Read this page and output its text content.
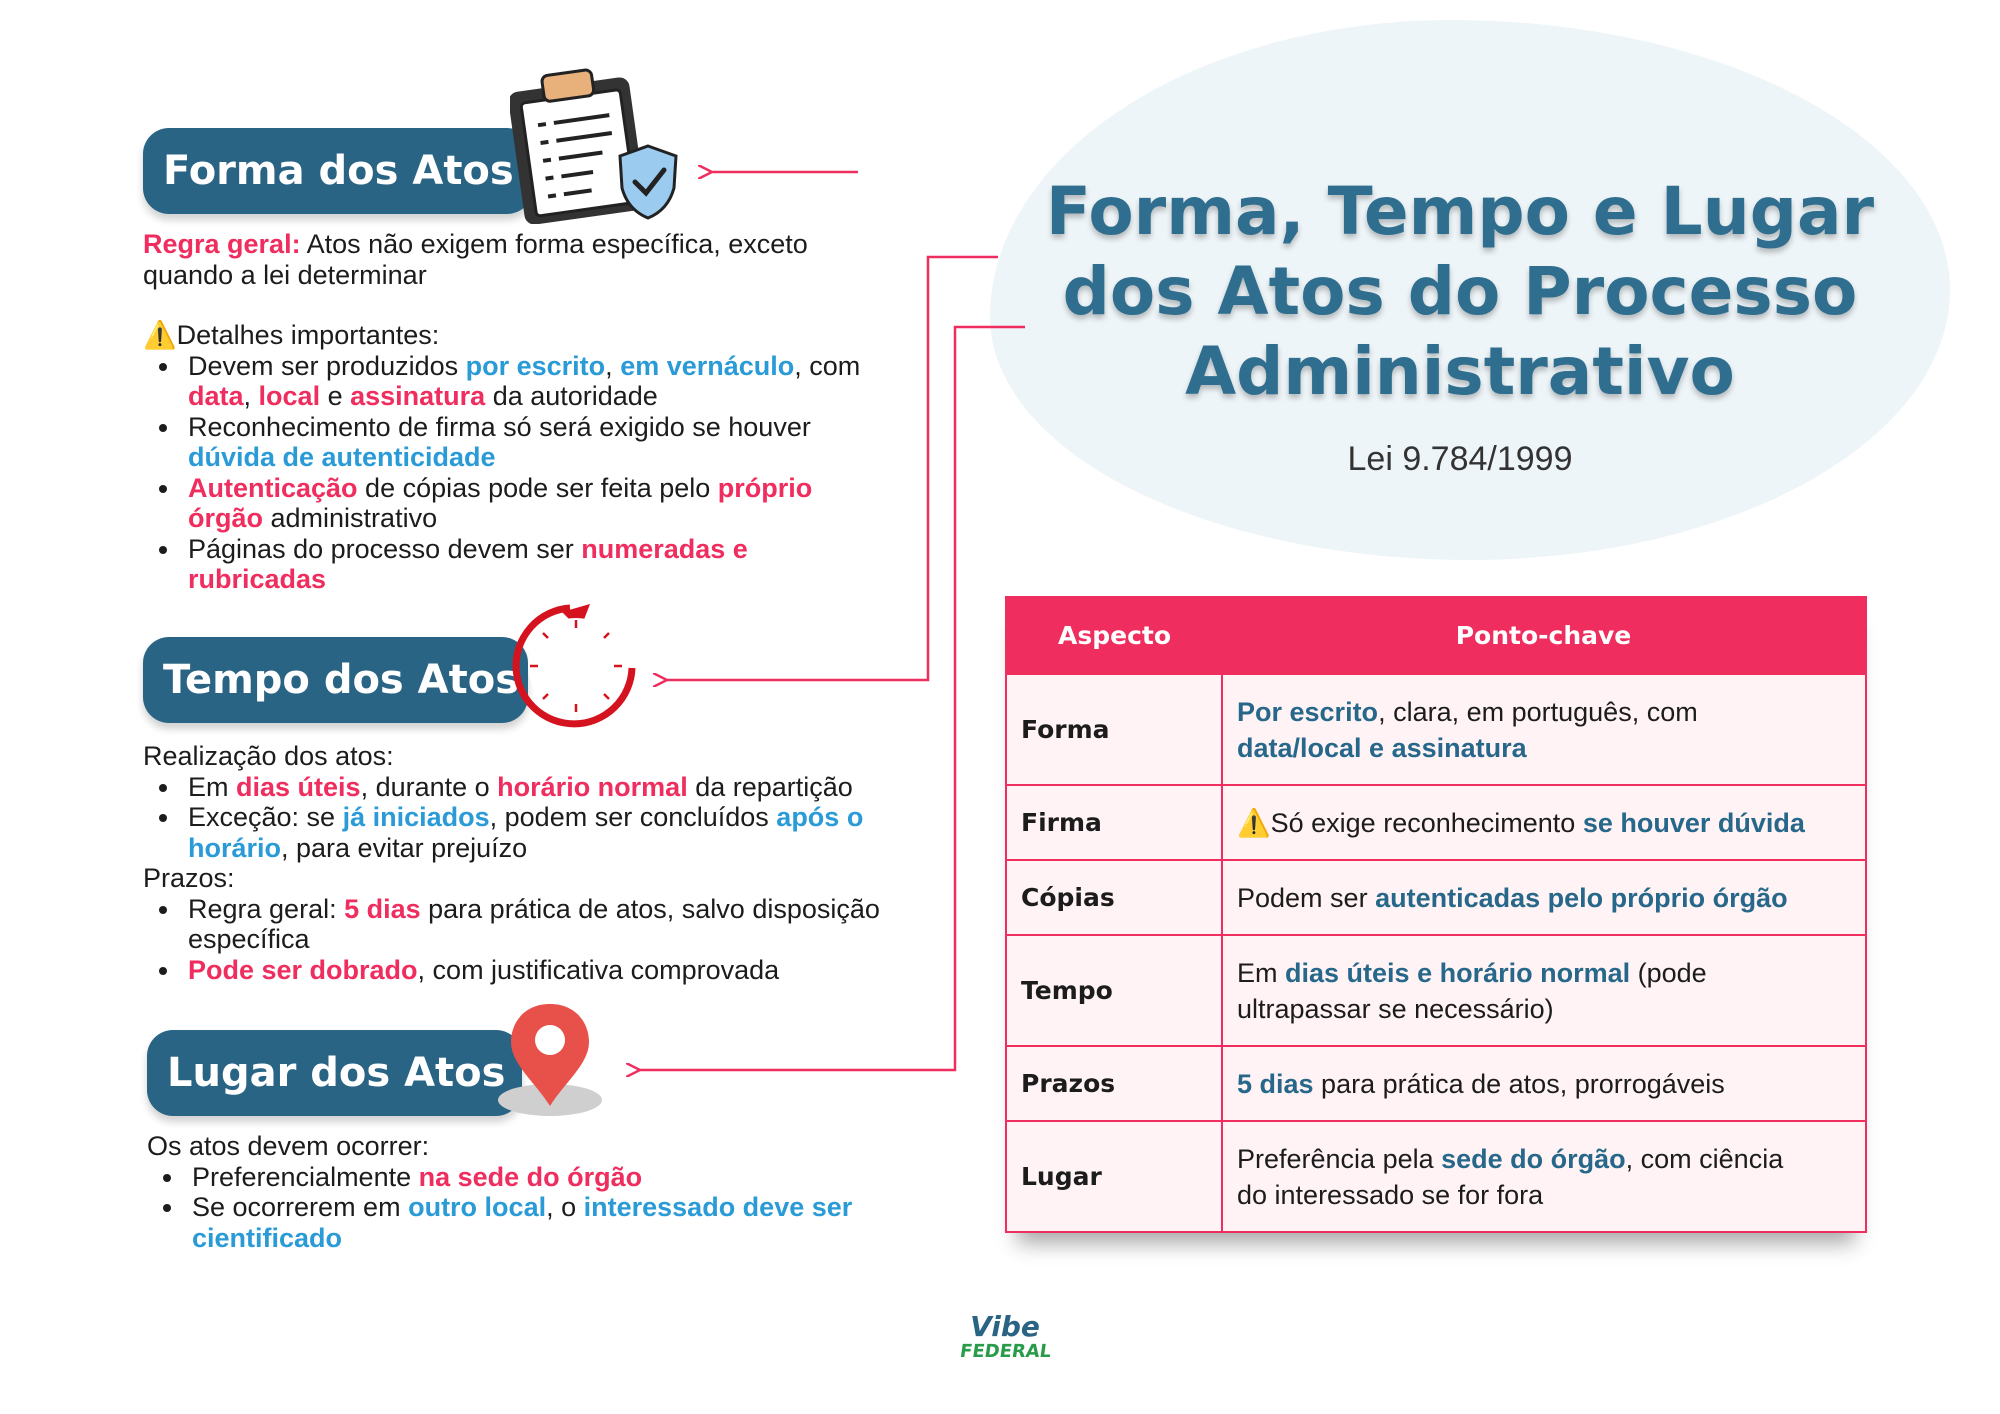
Forma, Tempo e Lugar
dos Atos do Processo
Administrativo
Lei 9.784/1999
Forma dos Atos

Regra geral: Atos não exigem forma específica, exceto

quando a lei determinar

⚠️Detalhes importantes:

Devem ser produzidos por escrito, em vernáculo, com
data, local e assinatura da autoridade
Reconhecimento de firma só será exigido se houver
dúvida de autenticidade
Autenticação de cópias pode ser feita pelo próprio
órgão administrativo
Páginas do processo devem ser numeradas e
rubricadas
Tempo dos Atos

Realização dos atos:

Em dias úteis, durante o horário normal da repartição
Exceção: se já iniciados, podem ser concluídos após o
horário, para evitar prejuízo

Prazos:

Regra geral: 5 dias para prática de atos, salvo disposição
específica
Pode ser dobrado, com justificativa comprovada
Lugar dos Atos

Os atos devem ocorrer:

Preferencialmente na sede do órgão
Se ocorrerem em outro local, o interessado deve ser
cientificado
Aspecto	Ponto-chave
Forma	Por escrito, clara, em português, com
data/local e assinatura
Firma	⚠️Só exige reconhecimento se houver dúvida
Cópias	Podem ser autenticadas pelo próprio órgão
Tempo	Em dias úteis e horário normal (pode
ultrapassar se necessário)
Prazos	5 dias para prática de atos, prorrogáveis
Lugar	Preferência pela sede do órgão, com ciência
do interessado se for fora
Vibe
FEDERAL
